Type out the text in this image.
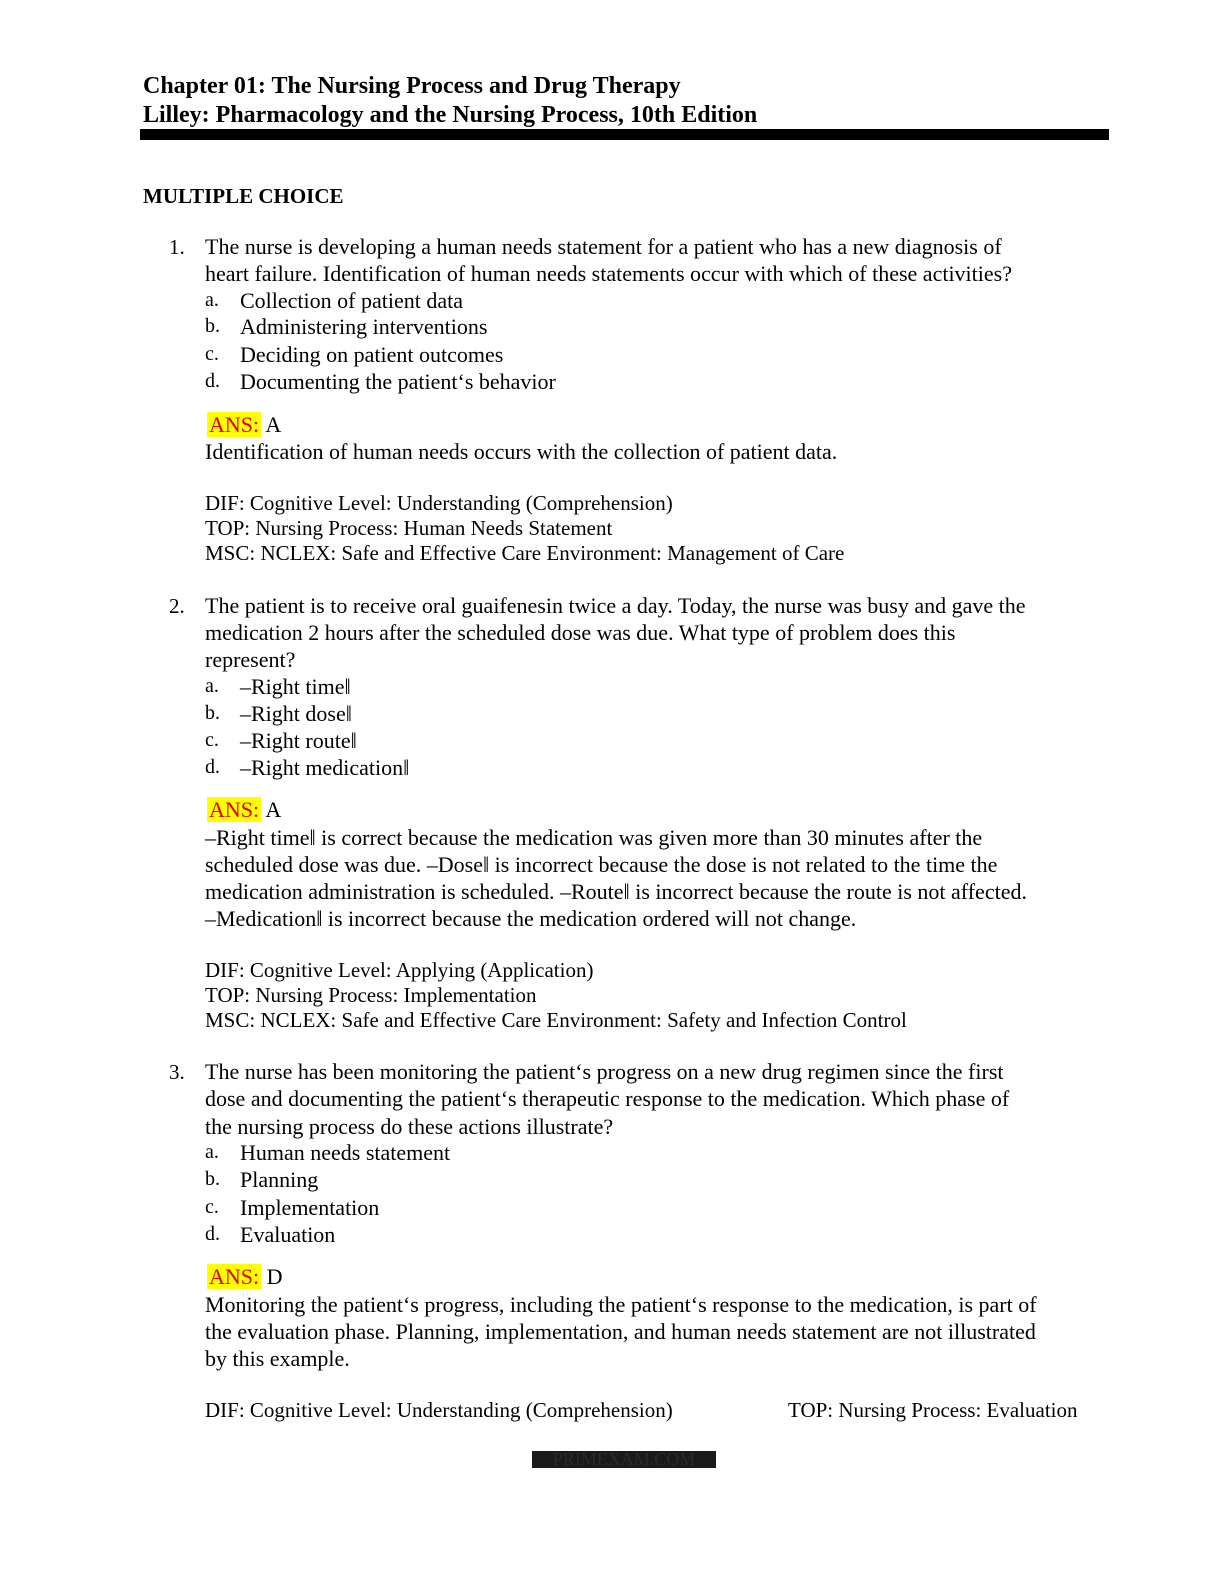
Chapter 01: The Nursing Process and Drug Therapy
Lilley: Pharmacology and the Nursing Process, 10th Edition
MULTIPLE CHOICE
1. The nurse is developing a human needs statement for a patient who has a new diagnosis of
heart failure. Identification of human needs statements occur with which of these activities?
a. Collection of patient data
b. Administering interventions
c. Deciding on patient outcomes
d. Documenting the patient‘s behavior
ANS: A
Identification of human needs occurs with the collection of patient data.
DIF: Cognitive Level: Understanding (Comprehension)
TOP: Nursing Process: Human Needs Statement
MSC: NCLEX: Safe and Effective Care Environment: Management of Care
2. The patient is to receive oral guaifenesin twice a day. Today, the nurse was busy and gave the
medication 2 hours after the scheduled dose was due. What type of problem does this
represent?
a. –Right time‖
b. –Right dose‖
c. –Right route‖
d. –Right medication‖
ANS: A
–Right time‖ is correct because the medication was given more than 30 minutes after the
scheduled dose was due. –Dose‖ is incorrect because the dose is not related to the time the
medication administration is scheduled. –Route‖ is incorrect because the route is not affected.
–Medication‖ is incorrect because the medication ordered will not change.
DIF: Cognitive Level: Applying (Application)
TOP: Nursing Process: Implementation
MSC: NCLEX: Safe and Effective Care Environment: Safety and Infection Control
3. The nurse has been monitoring the patient‘s progress on a new drug regimen since the first
dose and documenting the patient‘s therapeutic response to the medication. Which phase of
the nursing process do these actions illustrate?
a. Human needs statement
b. Planning
c. Implementation
d. Evaluation
ANS: D
Monitoring the patient‘s progress, including the patient‘s response to the medication, is part of
the evaluation phase. Planning, implementation, and human needs statement are not illustrated
by this example.
DIF: Cognitive Level: Understanding (Comprehension)	TOP: Nursing Process: Evaluation
PRIMEXAM.COM
